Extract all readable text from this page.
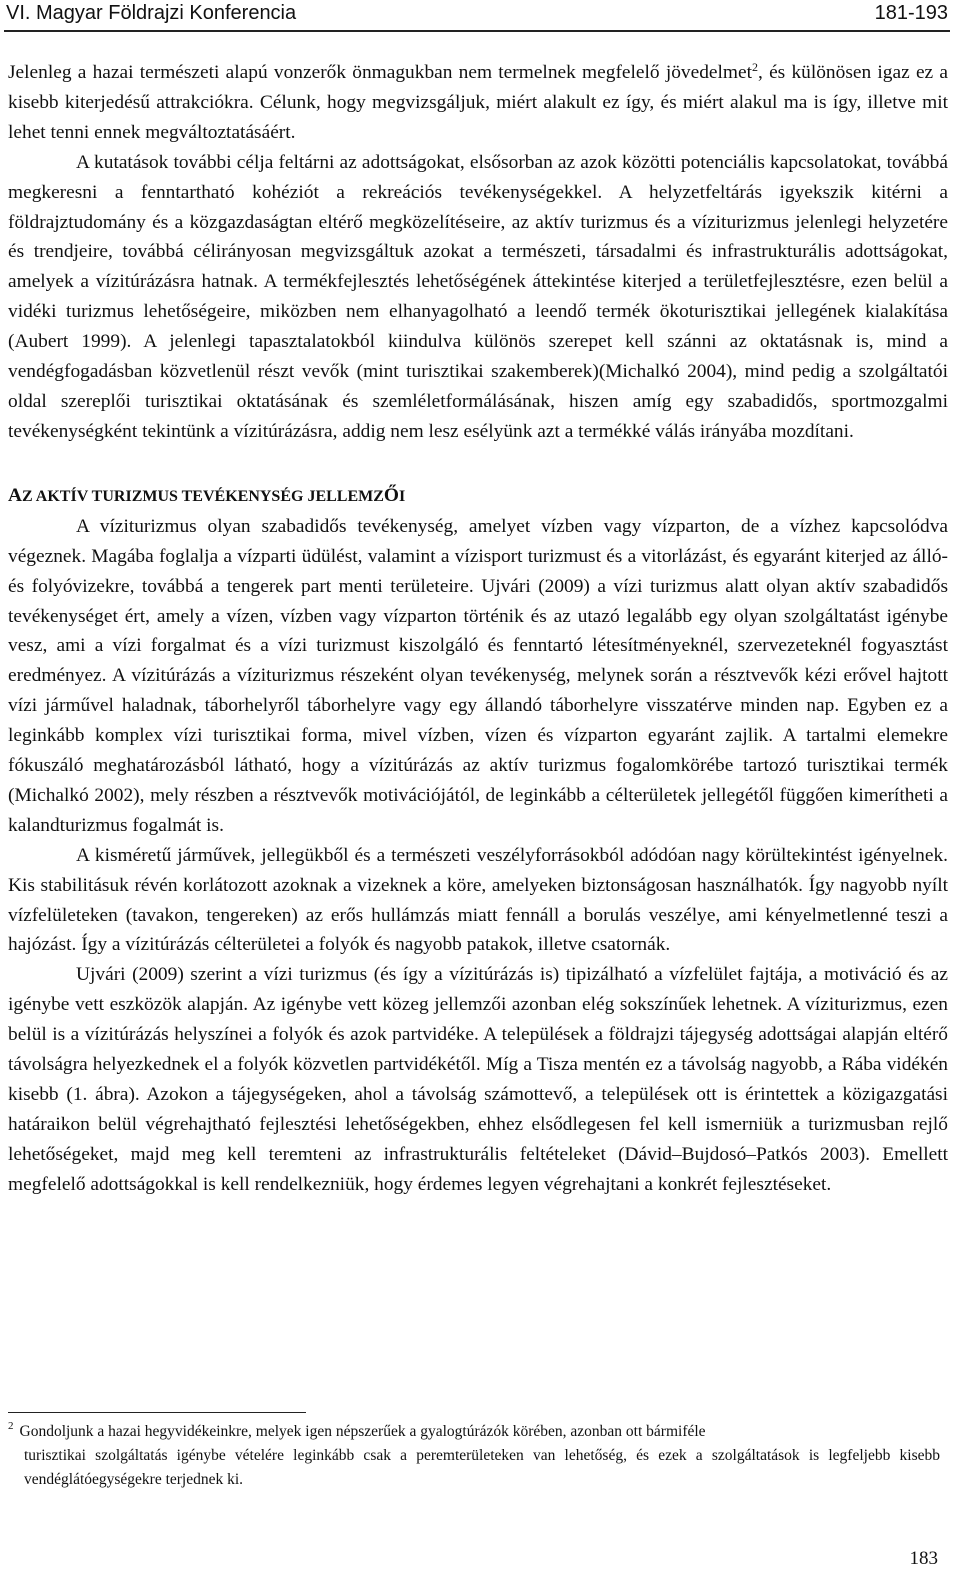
VI. Magyar Földrajzi Konferencia	181-193

Jelenleg a hazai természeti alapú vonzerők önmagukban nem termelnek megfelelő jövedelmet$^2$, és különösen igaz ez a kisebb kiterjedésű attrakciókra. Célunk, hogy megvizsgáljuk, miért alakult ez így, és miért alakul ma is így, illetve mit lehet tenni ennek megváltoztatásáért.

A kutatások további célja feltárni az adottságokat, elsősorban az azok közötti potenciális kapcsolatokat, továbbá megkeresni a fenntartható kohéziót a rekreációs tevékenységekkel. A helyzetfeltárás igyekszik kitérni a földrajztudomány és a közgazdaságtan eltérő megközelítéseire, az aktív turizmus és a víziturizmus jelenlegi helyzetére és trendjeire, továbbá célirányosan megvizsgáltuk azokat a természeti, társadalmi és infrastrukturális adottságokat, amelyek a vízitúrázásra hatnak. A termékfejlesztés lehetőségének áttekintése kiterjed a területfejlesztésre, ezen belül a vidéki turizmus lehetőségeire, miközben nem elhanyagolható a leendő termék ökoturisztikai jellegének kialakítása (Aubert 1999). A jelenlegi tapasztalatokból kiindulva különös szerepet kell szánni az oktatásnak is, mind a vendégfogadásban közvetlenül részt vevők (mint turisztikai szakemberek)(Michalkó 2004), mind pedig a szolgáltatói oldal szereplői turisztikai oktatásának és szemléletformálásának, hiszen amíg egy szabadidős, sportmozgalmi tevékenységként tekintünk a vízitúrázásra, addig nem lesz esélyünk azt a termékké válás irányába mozdítani.

AZ AKTÍV TURIZMUS TEVÉKENYSÉG JELLEMZŐI

A víziturizmus olyan szabadidős tevékenység, amelyet vízben vagy vízparton, de a vízhez kapcsolódva végeznek. Magába foglalja a vízparti üdülést, valamint a vízisport turizmust és a vitorlázást, és egyaránt kiterjed az álló- és folyóvizekre, továbbá a tengerek part menti területeire. Ujvári (2009) a vízi turizmus alatt olyan aktív szabadidős tevékenységet ért, amely a vízen, vízben vagy vízparton történik és az utazó legalább egy olyan szolgáltatást igénybe vesz, ami a vízi forgalmat és a vízi turizmust kiszolgáló és fenntartó létesítményeknél, szervezeteknél fogyasztást eredményez. A vízitúrázás a víziturizmus részeként olyan tevékenység, melynek során a résztvevők kézi erővel hajtott vízi járművel haladnak, táborhelyről táborhelyre vagy egy állandó táborhelyre visszatérve minden nap. Egyben ez a leginkább komplex vízi turisztikai forma, mivel vízben, vízen és vízparton egyaránt zajlik. A tartalmi elemekre fókuszáló meghatározásból látható, hogy a vízitúrázás az aktív turizmus fogalomkörébe tartozó turisztikai termék (Michalkó 2002), mely részben a résztvevők motivációjától, de leginkább a célterületek jellegétől függően kimerítheti a kalandturizmus fogalmát is.

A kisméretű járművek, jellegükből és a természeti veszélyforrásokból adódóan nagy körültekintést igényelnek. Kis stabilitásuk révén korlátozott azoknak a vizeknek a köre, amelyeken biztonságosan használhatók. Így nagyobb nyílt vízfelületeken (tavakon, tengereken) az erős hullámzás miatt fennáll a borulás veszélye, ami kényelmetlenné teszi a hajózást. Így a vízitúrázás célterületei a folyók és nagyobb patakok, illetve csatornák.

Ujvári (2009) szerint a vízi turizmus (és így a vízitúrázás is) tipizálható a vízfelület fajtája, a motiváció és az igénybe vett eszközök alapján. Az igénybe vett közeg jellemzői azonban elég sokszínűek lehetnek. A víziturizmus, ezen belül is a vízitúrázás helyszínei a folyók és azok partvidéke. A települések a földrajzi tájegység adottságai alapján eltérő távolságra helyezkednek el a folyók közvetlen partvidékétől. Míg a Tisza mentén ez a távolság nagyobb, a Rába vidékén kisebb (1. ábra). Azokon a tájegységeken, ahol a távolság számottevő, a települések ott is érintettek a közigazgatási határaikon belül végrehajtható fejlesztési lehetőségekben, ehhez elsődlegesen fel kell ismerniük a turizmusban rejlő lehetőségeket, majd meg kell teremteni az infrastrukturális feltételeket (Dávid–Bujdosó–Patkós 2003). Emellett megfelelő adottságokkal is kell rendelkezniük, hogy érdemes legyen végrehajtani a konkrét fejlesztéseket.

$^2$ Gondoljunk a hazai hegyvidékeinkre, melyek igen népszerűek a gyalogtúrázók körében, azonban ott bármiféle
turisztikai szolgáltatás igénybe vételére leginkább csak a peremterületeken van lehetőség, és ezek a szolgáltatások is legfeljebb kisebb vendéglátóegységekre terjednek ki.
183
